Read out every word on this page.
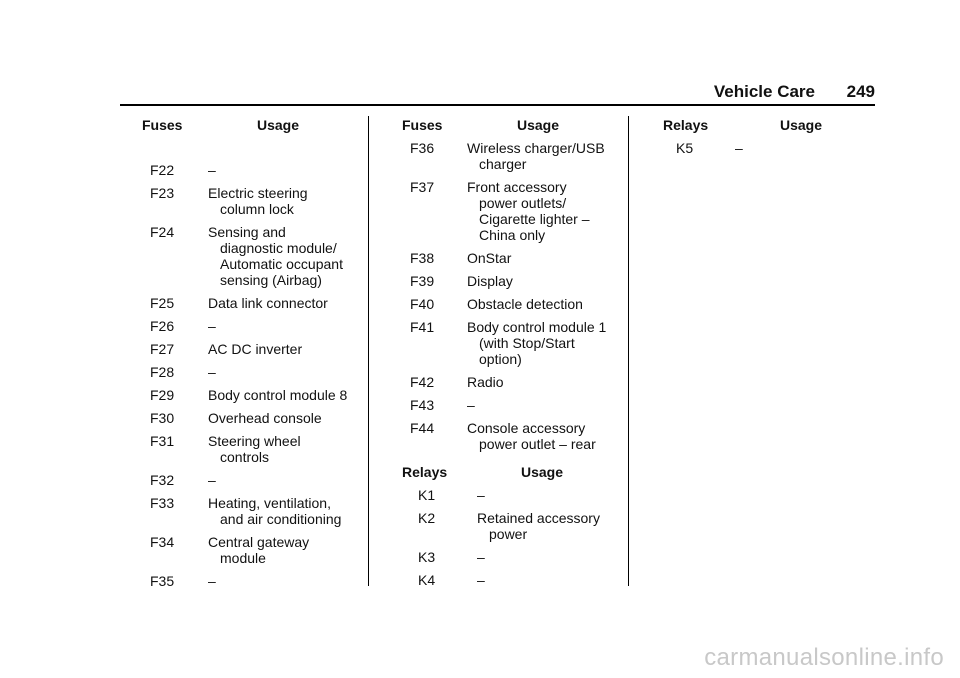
Vehicle Care 249
Fuses	Usage
F22 –
F23 Electric steering
column lock
F24 Sensing and
diagnostic module/
Automatic occupant
sensing (Airbag)
F25 Data link connector
F26 –
F27 AC DC inverter
F28 –
F29 Body control module 8
F30 Overhead console
F31 Steering wheel
controls
F32 –
F33 Heating, ventilation,
and air conditioning
F34 Central gateway
module
F35 –
Fuses	Usage
F36 Wireless charger/USB
charger
F37 Front accessory
power outlets/
Cigarette lighter –
China only
F38 OnStar
F39 Display
F40 Obstacle detection
F41 Body control module 1
(with Stop/Start
option)
F42 Radio
F43 –
F44 Console accessory
power outlet – rear
Relays	Usage
K1	–
K2	Retained accessory
power
K3	–
K4	–
Relays	Usage
K5	–
carmanualsonline.info
